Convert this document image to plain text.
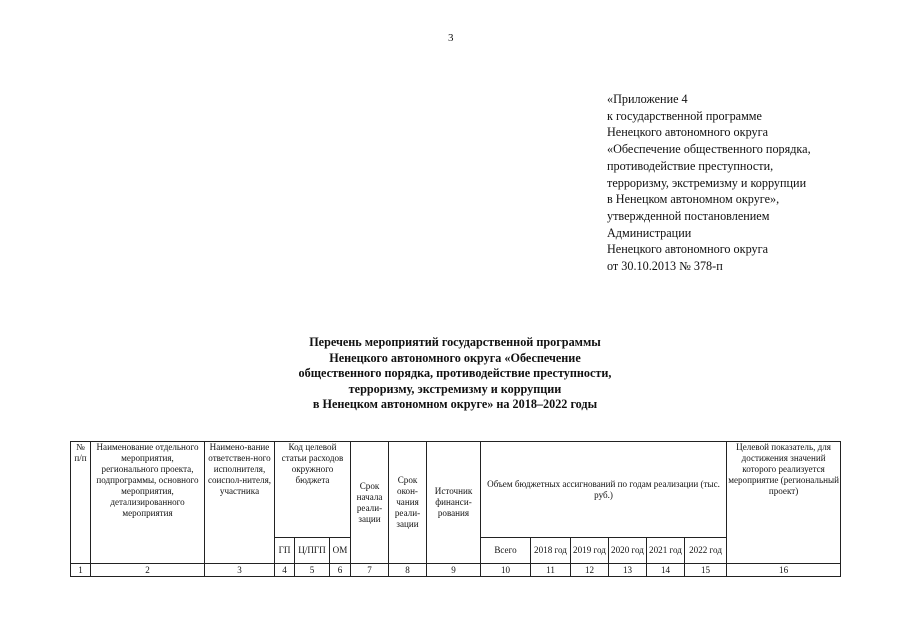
3
«Приложение 4
к государственной программе
Ненецкого автономного округа
«Обеспечение общественного порядка,
противодействие преступности,
терроризму, экстремизму и коррупции
в Ненецком автономном округе»,
утвержденной постановлением
Администрации
Ненецкого автономного округа
от 30.10.2013 № 378-п
Перечень мероприятий государственной программы
Ненецкого автономного округа «Обеспечение
общественного порядка, противодействие преступности,
терроризму, экстремизму и коррупции
в Ненецком автономном округе» на 2018–2022 годы
№ п/п	Наименование отдельного мероприятия, регионального проекта, подпрограммы, основного мероприятия, детализированного мероприятия	Наимено-вание ответствен-ного исполнителя, соиспол-нителя, участника	Код целевой статьи расходов окружного бюджета			Срок начала реали-зации	Срок окон-чания реали-зации	Источник финанси-рования	Объем бюджетных ассигнований по годам реализации (тыс. руб.)						Целевой показатель, для достижения значений которого реализуется мероприятие (региональный проект)
			ГП	Ц/ПГП	ОМ				Всего	2018 год	2019 год	2020 год	2021 год	2022 год	
1	2	3	4	5	6	7	8	9	10	11	12	13	14	15	16
